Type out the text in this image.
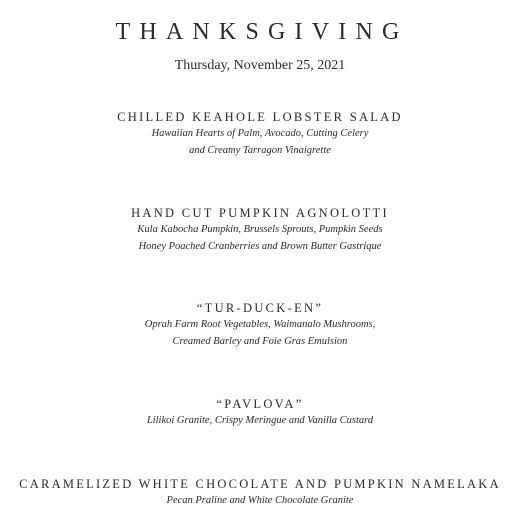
THANKSGIVING
Thursday, November 25, 2021
CHILLED KEAHOLE LOBSTER SALAD
Hawaiian Hearts of Palm, Avocado, Cutting Celery
and Creamy Tarragon Vinaigrette
HAND CUT PUMPKIN AGNOLOTTI
Kula Kabocha Pumpkin, Brussels Sprouts, Pumpkin Seeds
Honey Poached Cranberries and Brown Butter Gastrique
“TUR-DUCK-EN”
Oprah Farm Root Vegetables, Waimanalo Mushrooms,
Creamed Barley and Foie Gras Emulsion
“PAVLOVA”
Lilikoi Granite, Crispy Meringue and Vanilla Custard
CARAMELIZED WHITE CHOCOLATE AND PUMPKIN NAMELAKA
Pecan Praline and White Chocolate Granite
